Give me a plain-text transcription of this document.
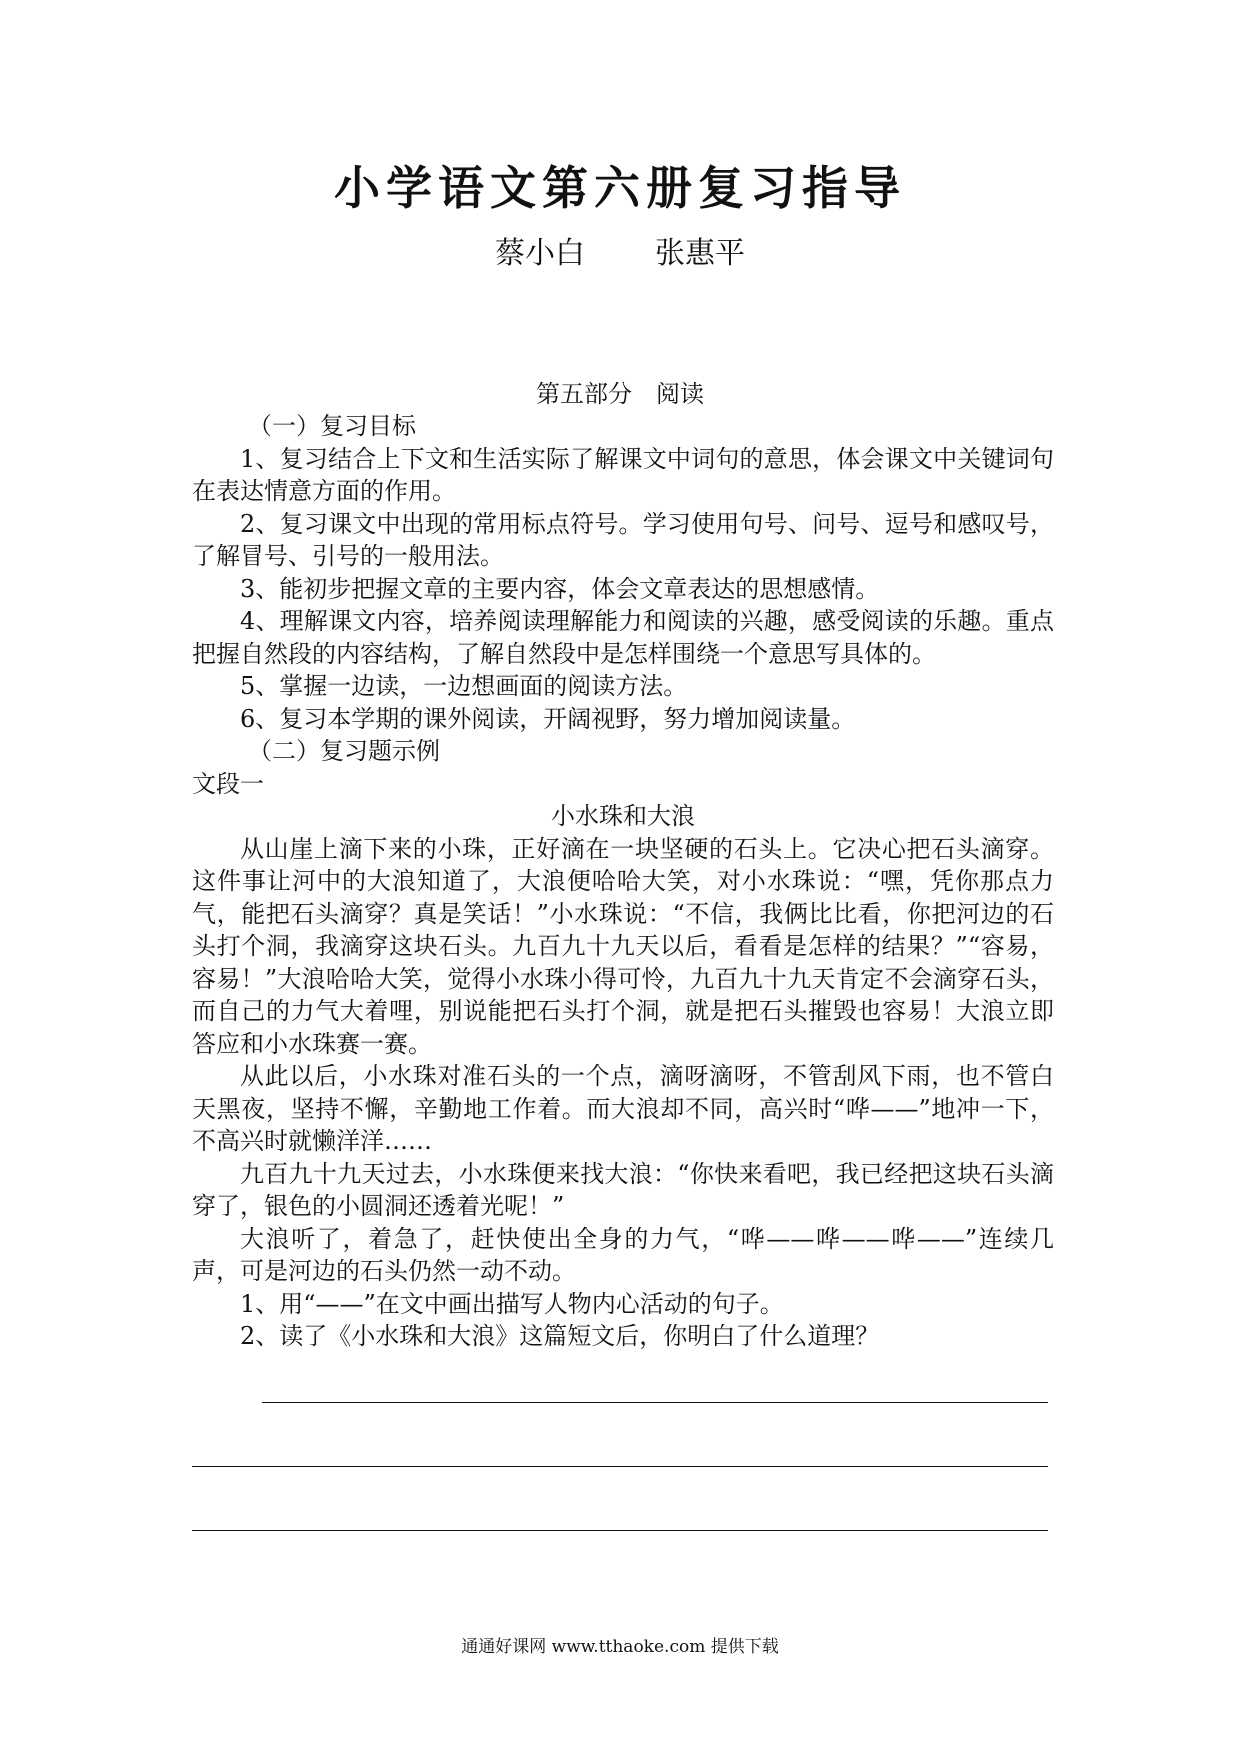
小学语文第六册复习指导
蔡小白 张惠平
第五部分　阅读

（一）复习目标

1、复习结合上下文和生活实际了解课文中词句的意思，体会课文中关键词句在表达情意方面的作用。

2、复习课文中出现的常用标点符号。学习使用句号、问号、逗号和感叹号，了解冒号、引号的一般用法。

3、能初步把握文章的主要内容，体会文章表达的思想感情。

4、理解课文内容，培养阅读理解能力和阅读的兴趣，感受阅读的乐趣。重点把握自然段的内容结构，了解自然段中是怎样围绕一个意思写具体的。

5、掌握一边读，一边想画面的阅读方法。

6、复习本学期的课外阅读，开阔视野，努力增加阅读量。

（二）复习题示例

文段一

小水珠和大浪

从山崖上滴下来的小珠，正好滴在一块坚硬的石头上。它决心把石头滴穿。这件事让河中的大浪知道了，大浪便哈哈大笑，对小水珠说：“嘿，凭你那点力气，能把石头滴穿？真是笑话！”小水珠说：“不信，我俩比比看，你把河边的石头打个洞，我滴穿这块石头。九百九十九天以后，看看是怎样的结果？”“容易，容易！”大浪哈哈大笑，觉得小水珠小得可怜，九百九十九天肯定不会滴穿石头，而自己的力气大着哩，别说能把石头打个洞，就是把石头摧毁也容易！大浪立即答应和小水珠赛一赛。

从此以后，小水珠对准石头的一个点，滴呀滴呀，不管刮风下雨，也不管白天黑夜，坚持不懈，辛勤地工作着。而大浪却不同，高兴时“哗——”地冲一下，不高兴时就懒洋洋……

九百九十九天过去，小水珠便来找大浪：“你快来看吧，我已经把这块石头滴穿了，银色的小圆洞还透着光呢！”

大浪听了，着急了，赶快使出全身的力气，“哗——哗——哗——”连续几声，可是河边的石头仍然一动不动。

1、用“——”在文中画出描写人物内心活动的句子。

2、读了《小水珠和大浪》这篇短文后，你明白了什么道理？

通通好课网 www.tthaoke.com 提供下载
